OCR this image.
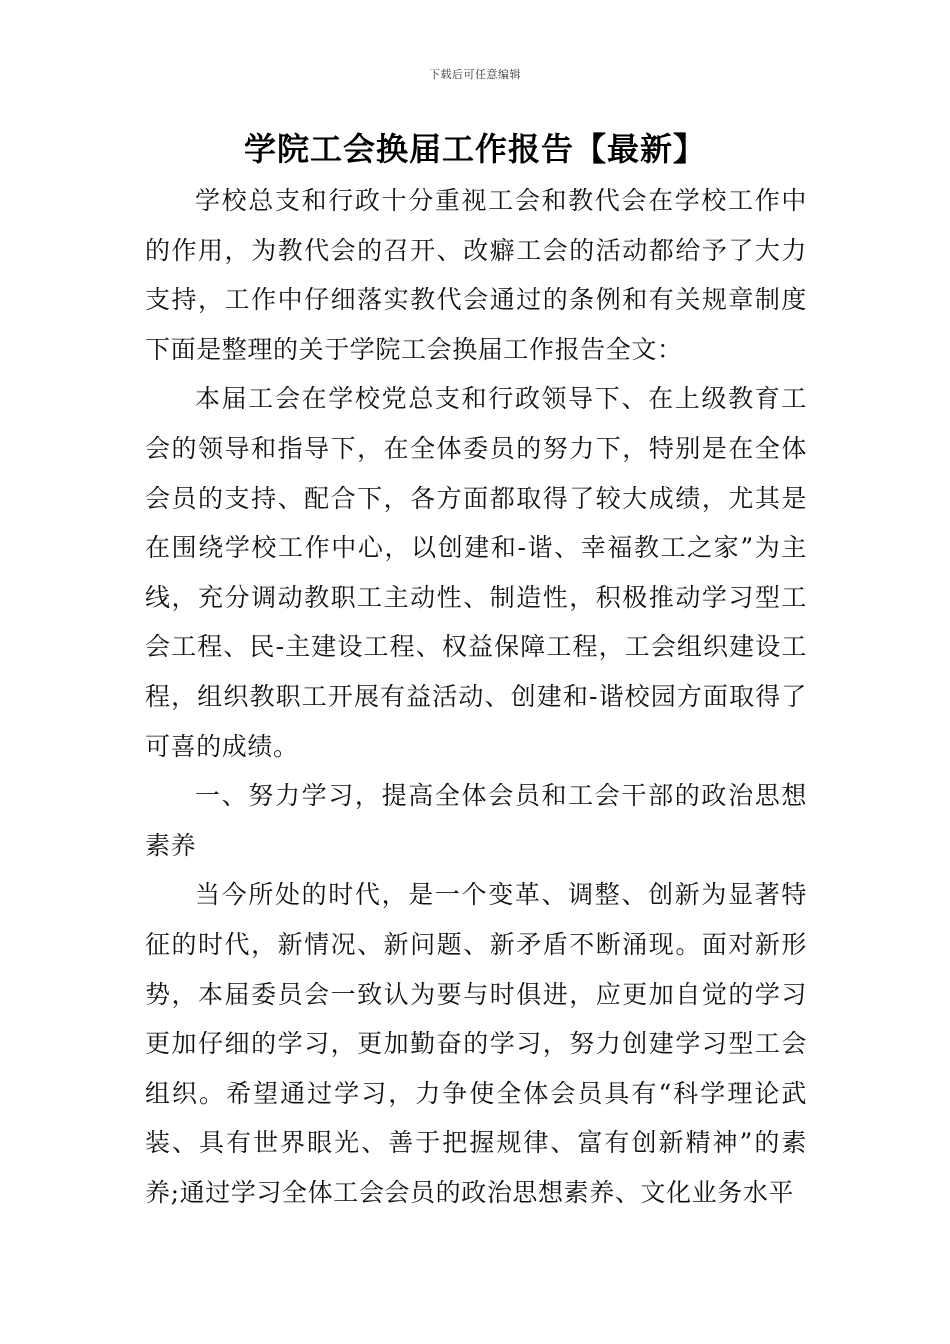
下载后可任意编辑
学院工会换届工作报告【最新】

学校总支和行政十分重视工会和教代会在学校工作中的作用，为教代会的召开、改癖工会的活动都给予了大力支持，工作中仔细落实教代会通过的条例和有关规章制度下面是整理的关于学院工会换届工作报告全文：

本届工会在学校党总支和行政领导下、在上级教育工会的领导和指导下，在全体委员的努力下，特别是在全体会员的支持、配合下，各方面都取得了较大成绩，尤其是在围绕学校工作中心，以创建和-谐、幸福教工之家”为主线，充分调动教职工主动性、制造性，积极推动学习型工会工程、民-主建设工程、权益保障工程，工会组织建设工程，组织教职工开展有益活动、创建和-谐校园方面取得了可喜的成绩。

一、努力学习，提高全体会员和工会干部的政治思想素养

当今所处的时代，是一个变革、调整、创新为显著特征的时代，新情况、新问题、新矛盾不断涌现。面对新形势，本届委员会一致认为要与时俱进，应更加自觉的学习更加仔细的学习，更加勤奋的学习，努力创建学习型工会组织。希望通过学习，力争使全体会员具有“科学理论武装、具有世界眼光、善于把握规律、富有创新精神”的素养;通过学习全体工会会员的政治思想素养、文化业务水平
